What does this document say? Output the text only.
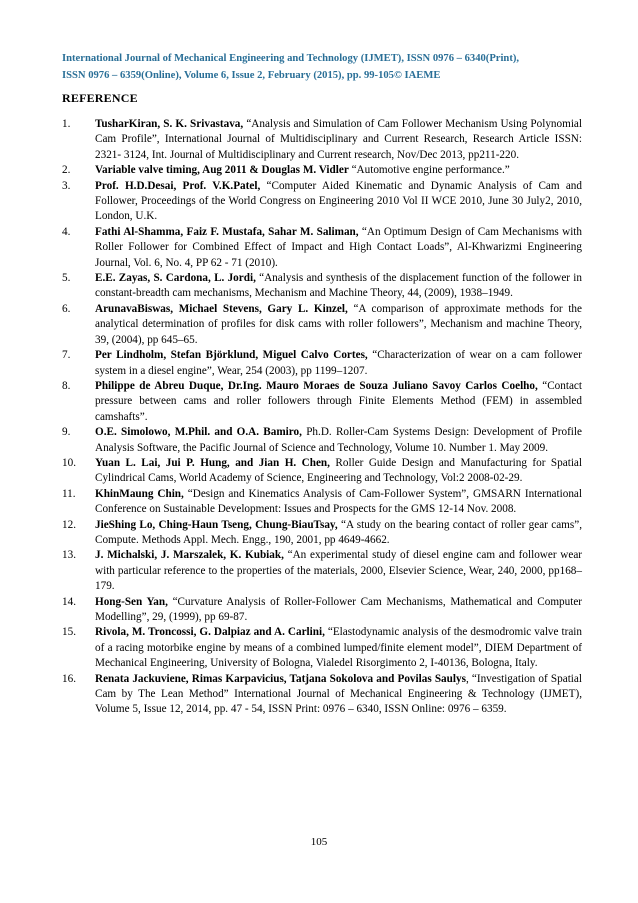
International Journal of Mechanical Engineering and Technology (IJMET), ISSN 0976 – 6340(Print),
ISSN 0976 – 6359(Online), Volume 6, Issue 2, February (2015), pp. 99-105© IAEME
REFERENCE
1.	TusharKiran, S. K. Srivastava, “Analysis and Simulation of Cam Follower Mechanism Using Polynomial Cam Profile”, International Journal of Multidisciplinary and Current Research, Research Article ISSN: 2321- 3124, Int. Journal of Multidisciplinary and Current research, Nov/Dec 2013, pp211-220.
2.	Variable valve timing, Aug 2011 & Douglas M. Vidler “Automotive engine performance.”
3.	Prof. H.D.Desai, Prof. V.K.Patel, “Computer Aided Kinematic and Dynamic Analysis of Cam and Follower, Proceedings of the World Congress on Engineering 2010 Vol II WCE 2010, June 30 July2, 2010, London, U.K.
4.	Fathi Al-Shamma, Faiz F. Mustafa, Sahar M. Saliman, “An Optimum Design of Cam Mechanisms with Roller Follower for Combined Effect of Impact and High Contact Loads”, Al-Khwarizmi Engineering Journal, Vol. 6, No. 4, PP 62 - 71 (2010).
5.	E.E. Zayas, S. Cardona, L. Jordi, “Analysis and synthesis of the displacement function of the follower in constant-breadth cam mechanisms, Mechanism and Machine Theory, 44, (2009), 1938–1949.
6.	ArunavaBiswas, Michael Stevens, Gary L. Kinzel, “A comparison of approximate methods for the analytical determination of profiles for disk cams with roller followers”, Mechanism and machine Theory, 39, (2004), pp 645–65.
7.	Per Lindholm, Stefan Björklund, Miguel Calvo Cortes, “Characterization of wear on a cam follower system in a diesel engine”, Wear, 254 (2003), pp 1199–1207.
8.	Philippe de Abreu Duque, Dr.Ing. Mauro Moraes de Souza Juliano Savoy Carlos Coelho, “Contact pressure between cams and roller followers through Finite Elements Method (FEM) in assembled camshafts”.
9.	O.E. Simolowo, M.Phil. and O.A. Bamiro, Ph.D. Roller-Cam Systems Design: Development of Profile Analysis Software, the Pacific Journal of Science and Technology, Volume 10. Number 1. May 2009.
10.	Yuan L. Lai, Jui P. Hung, and Jian H. Chen, Roller Guide Design and Manufacturing for Spatial Cylindrical Cams, World Academy of Science, Engineering and Technology, Vol:2 2008-02-29.
11.	KhinMaung Chin, “Design and Kinematics Analysis of Cam-Follower System”, GMSARN International Conference on Sustainable Development: Issues and Prospects for the GMS 12-14 Nov. 2008.
12.	JieShing Lo, Ching-Haun Tseng, Chung-BiauTsay, “A study on the bearing contact of roller gear cams”, Compute. Methods Appl. Mech. Engg., 190, 2001, pp 4649-4662.
13.	J. Michalski, J. Marszalek, K. Kubiak, “An experimental study of diesel engine cam and follower wear with particular reference to the properties of the materials, 2000, Elsevier Science, Wear, 240, 2000, pp168–179.
14.	Hong-Sen Yan, “Curvature Analysis of Roller-Follower Cam Mechanisms, Mathematical and Computer Modelling”, 29, (1999), pp 69-87.
15.	Rivola, M. Troncossi, G. Dalpiaz and A. Carlini, “Elastodynamic analysis of the desmodromic valve train of a racing motorbike engine by means of a combined lumped/finite element model”, DIEM Department of Mechanical Engineering, University of Bologna, Vialedel Risorgimento 2, I-40136, Bologna, Italy.
16.	Renata Jackuviene, Rimas Karpavicius, Tatjana Sokolova and Povilas Saulys, “Investigation of Spatial Cam by The Lean Method” International Journal of Mechanical Engineering & Technology (IJMET), Volume 5, Issue 12, 2014, pp. 47 - 54, ISSN Print: 0976 – 6340, ISSN Online: 0976 – 6359.
105
